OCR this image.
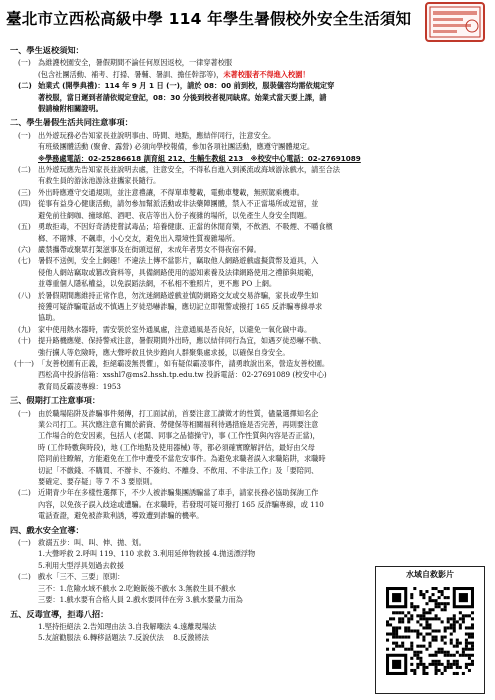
臺北市立西松高級中學 114 年學生暑假校外安全生活須知
一、學生返校須知：
(一) 為維護校園安全，暑假期間不論任何原因返校，一律穿著校服
(包含社團活動、補考、打掃、暑輔、暑訓、擔任幹部等)，未著校服者不得進入校園！
(二) 始業式 (開學典禮)：114 年 9 月 1 日 (一)，請於 08：00 前到校，服裝儀容均需依規定穿
著校服，當日遲到者請依規定登記，08：30 分後到校者視同缺席。始業式當天要上課，請
假請檢附相關證明。
二、學生暑假生活共同注意事項：
(一) 出外遊玩務必告知家長並說明事由、時間、地點，應結伴同行，注意安全。
有班級團體活動 (聚會、露營) 必須向學校報備，參加各項社團活動，應遵守團體規定。
※學務處電話：02-25286618 訓育組 212、生輔生教組 213　※校安中心電話：02-27691089
(二) 出外遊玩應先告知家長並說明去處，注意安全，不得私自進入到溪流或海域游泳戲水，請至合法
有救生員的游泳池游泳並攜家長隨行。
(三) 外出時應遵守交通規則，並注意禮讓，不得單車雙載，電動車雙載，無照駕乘機車。
(四) 從事有益身心健康活動，請勿參加幫派活動或非法藥陣團體，禁入不正當場所或逗留，並
避免前往網咖、撞球館、酒吧、夜店等出入份子複雜的場所，以免產生人身安全問題。
(五) 勇敢拒毒，不因好奇誘使嘗試毒品；培養健康、正當的休閒育樂，不飲酒、不吸煙、不嚼食檳
榔、不賭博、不飆車，小心交友，避免出入環境性質複雜場所。
(六) 嚴禁攜帶或聚眾打架滋事及在街頭逗留，未成年者男女不得夜宿不歸。
(七) 暑假不送例，安全上網趣！不違法上傳不當影片，竊取他人網路遊戲虛擬貨幣及道具，入
侵他人網站竊取或篡改資料等，具備網路使用的認知素養及法律網路使用之禮節與規範，
並尊重個人隱私權益，以免誤蹈法網，不私相不雅照片，更不應 PO 上網。
(八) 於暑假期間應維持正常作息，勿沈迷網路遊戲並慎防網路交友或交易詐騙，家長或學生如
接獲可疑詐騙電話或不慎遇上歹徒恐嚇詐騙，應切記立即報警或撥打 165 反詐騙專線尋求
協助。
(九) 家中使用熱水器時，需安裝於室外通風處，注意通風是否良好，以避免一氧化碳中毒。
(十) 提升路機應變、保持警戒注意，暑假期間外出時，應以結伴同行為宜，如遇歹徒恐嚇不軌、
強行擄人等危險時，應大聲呼救且快步跑向人群聚集處求援，以確保自身安全。
(十一) 「友善校園有正義，拒絕霸凌無畏懼」，如有疑似霸凌事件，請勇敢說出來，營造友善校園。
西松高中投訴信箱：xsshl7@ms2.hssh.tp.edu.tw 投訴電話：02-27691089 (校安中心)
教育局反霸凌專線：1953
三、假期打工注意事項：
(一) 由於職場陷阱及詐騙事件頻傳，打工面試前，首要注意工讀徵才的性質，儘量選擇知名企
業公司打工。其次應注意有關於薪資、勞健保等相關福利待遇措施是否完善，再則要注意
工作場合的危安因素，包括人 (老闆、同事之品德操守)，事 (工作性質與內容是否正當)，
時 (工作時數與時段)，地 (工作地點及使用器械) 等，都必須確實瞭解評估，最好由父母
陪同前往瞭解，方能避免在工作中遭受不當危安事件。為避免求職者誤入求職陷阱，求職時
切記「不繳錢、不購買、不辦卡、不簽約、不離身、不飲用、不非法工作」及「要陪同、
要確定、要存疑」等 7 不 3 要原則。
(二) 近期青少年在多樣性選擇下，不少人被詐騙集團誘騙當了車手，請家長務必協助探詢工作
內容，以免孩子誤入歧途或遭騙。在求職時，若發現可疑可撥打 165 反詐騙專線，或 110
電話查證，避免被詐欺利誘，導致遭到詐騙的機率。
四、戲水安全宣導：
(一) 救溺五步：叫、叫、伸、拋、划。
1.大聲呼救 2.呼叫 119、110 求救 3.利用延伸物救援 4.拋送漂浮物
5.利用大型浮具划過去救援
(二) 戲水「三不、三要」原則：
三不：1.危險水域不戲水 2.吃飽飯後不戲水 3.無救生員不戲水
三要：1.戲水要有合格人員 2.戲水要同伴在旁 3.戲水要量力而為
五、反毒宣導，拒毒八招：
1.堅持拒絕法 2.告知理由法 3.自我解嘲法 4.遠離現場法
5.友誼勸服法 6.轉移話題法 7.反說伏法　 8.反激將法
水域自救影片
